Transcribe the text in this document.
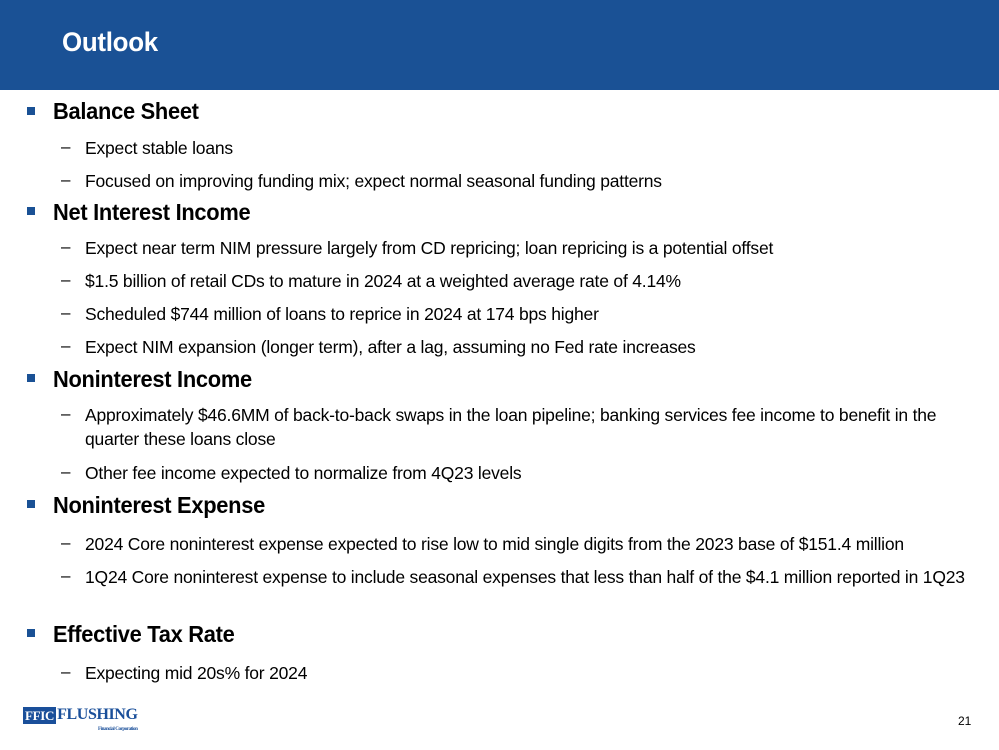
Outlook
Balance Sheet
– Expect stable loans
– Focused on improving funding mix; expect normal seasonal funding patterns
Net Interest Income
– Expect near term NIM pressure largely from CD repricing; loan repricing is a potential offset
– $1.5 billion of retail CDs to mature in 2024 at a weighted average rate of 4.14%
– Scheduled $744 million of loans to reprice in 2024 at 174 bps higher
– Expect NIM expansion (longer term), after a lag, assuming no Fed rate increases
Noninterest Income
– Approximately $46.6MM of back-to-back swaps in the loan pipeline; banking services fee income to benefit in the quarter these loans close
– Other fee income expected to normalize from 4Q23 levels
Noninterest Expense
– 2024 Core noninterest expense expected to rise low to mid single digits from the 2023 base of $151.4 million
– 1Q24 Core noninterest expense to include seasonal expenses that less than half of the $4.1 million reported in 1Q23
Effective Tax Rate
– Expecting mid 20s% for 2024
FFIC FLUSHING
Financial Corporation
21
